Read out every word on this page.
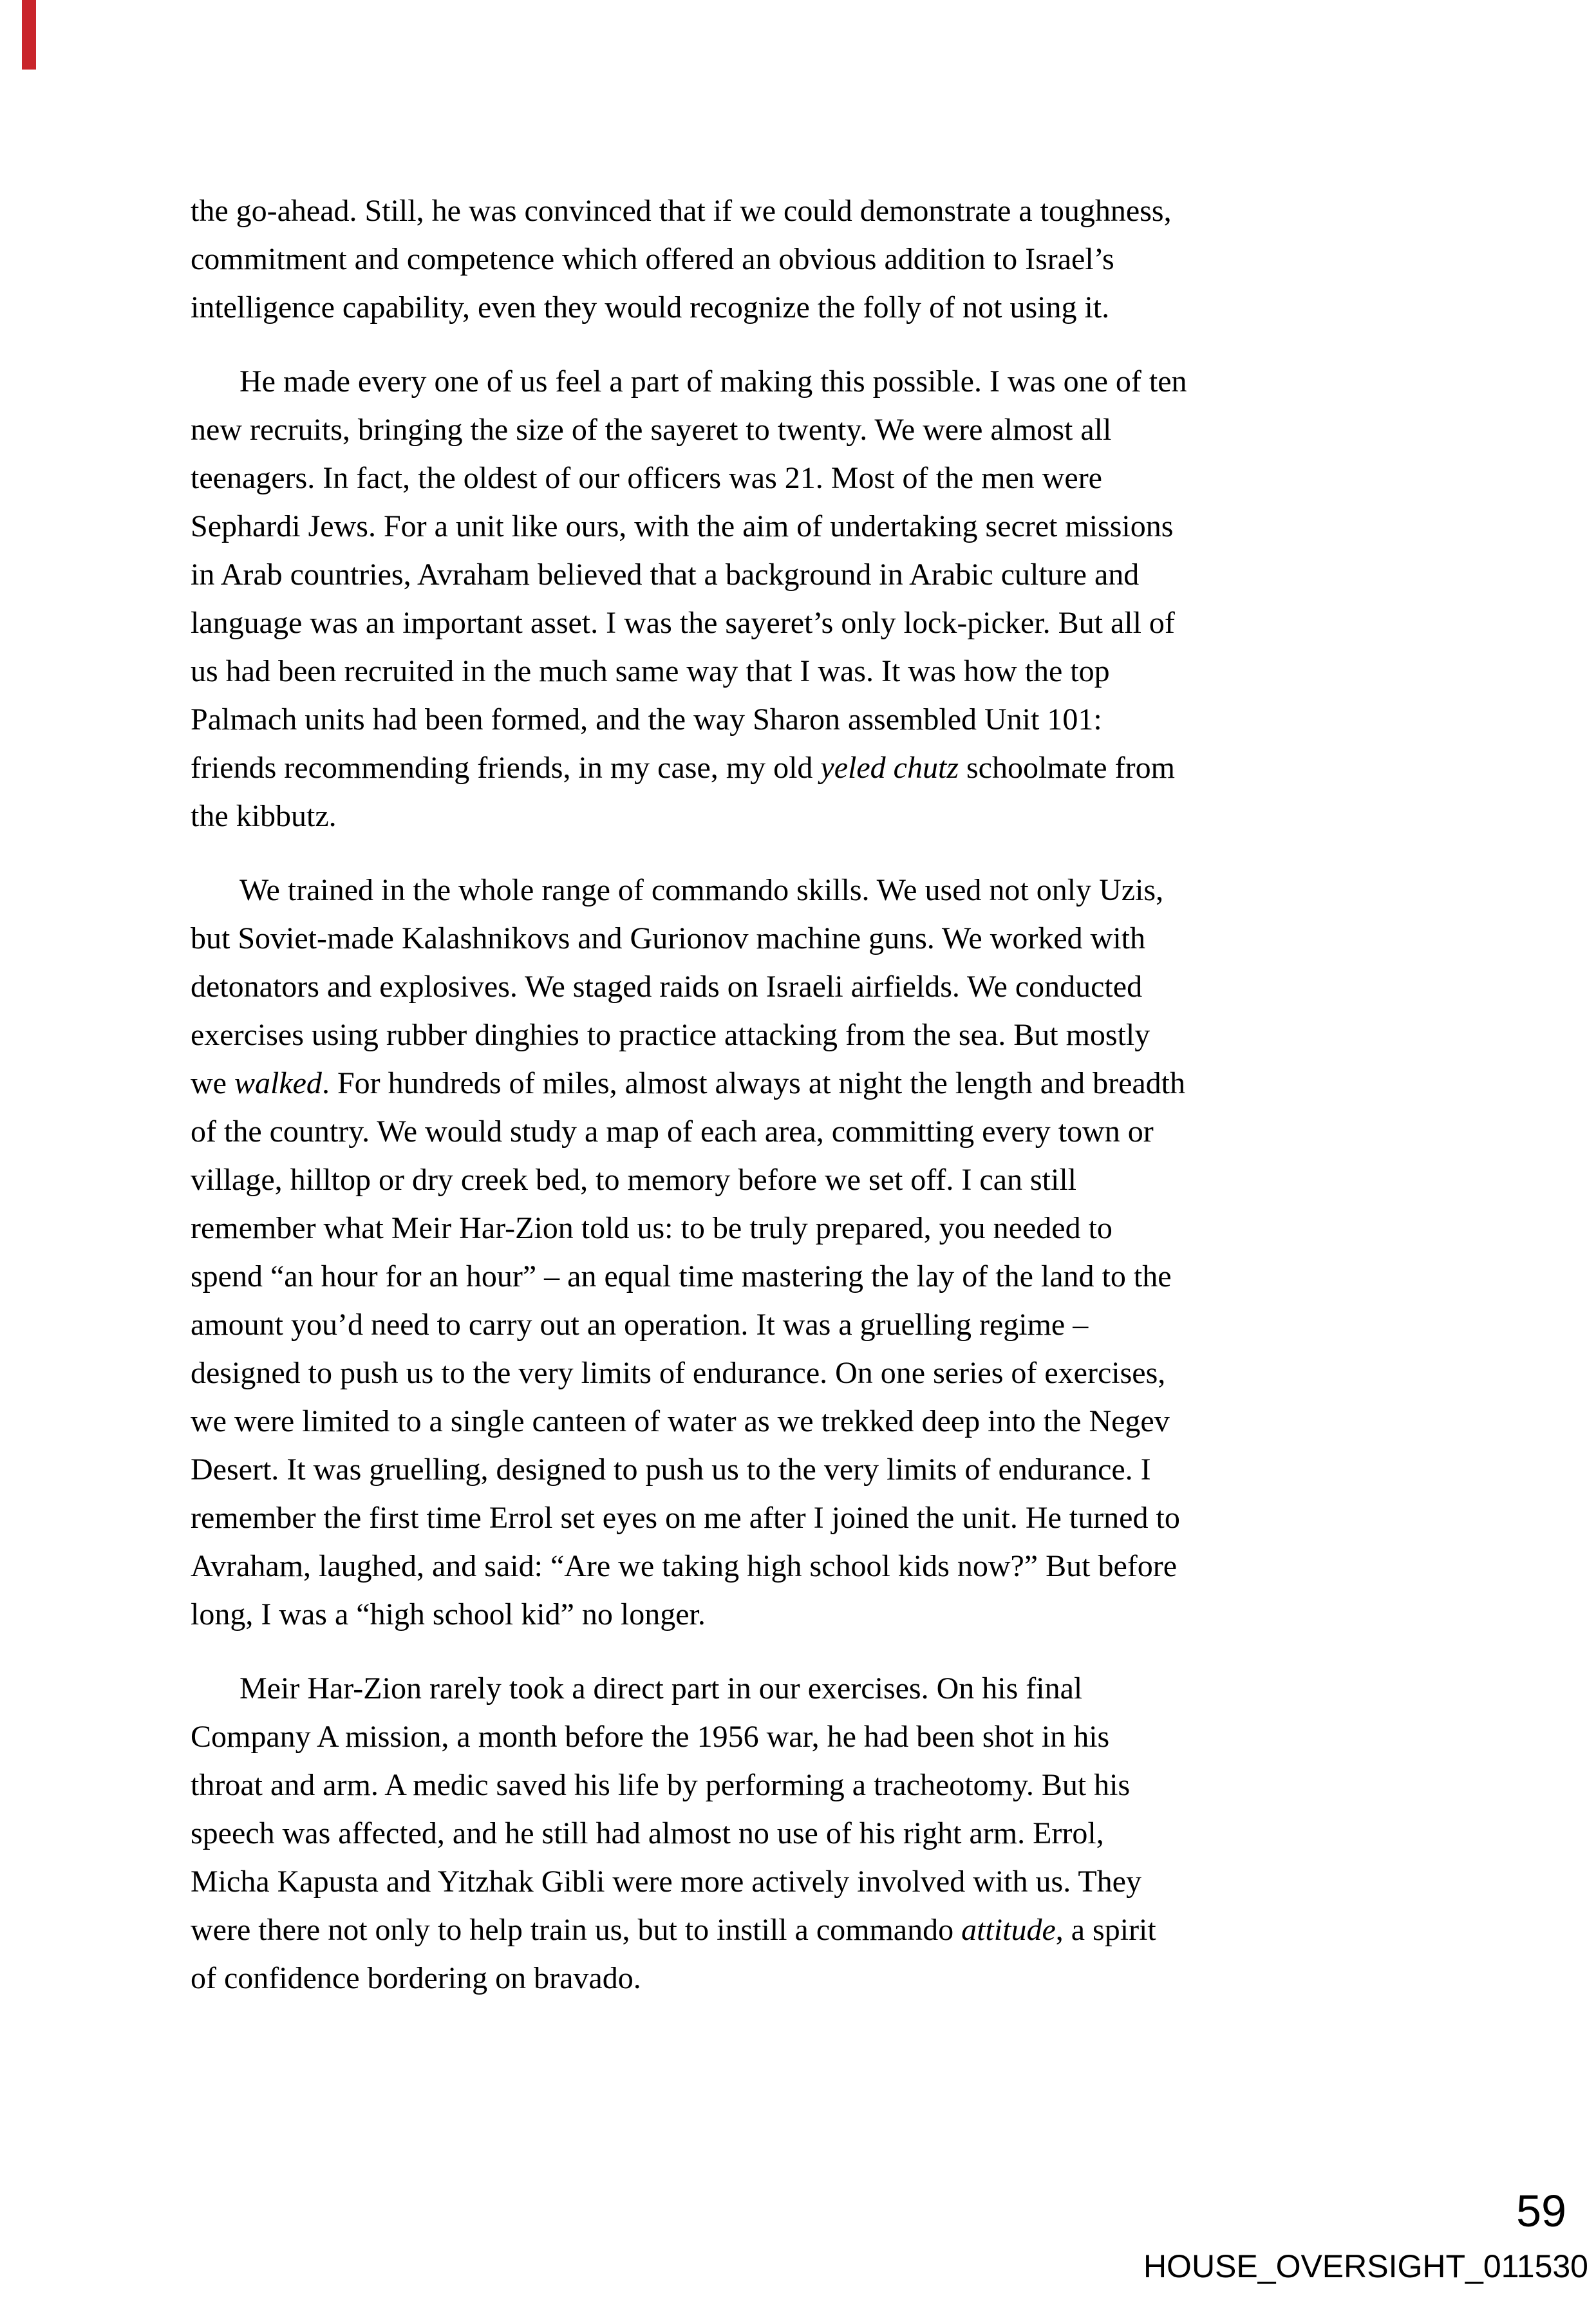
the go-ahead. Still, he was convinced that if we could demonstrate a toughness,
commitment and competence which offered an obvious addition to Israel’s
intelligence capability, even they would recognize the folly of not using it.
He made every one of us feel a part of making this possible. I was one of ten
new recruits, bringing the size of the sayeret to twenty. We were almost all
teenagers. In fact, the oldest of our officers was 21. Most of the men were
Sephardi Jews. For a unit like ours, with the aim of undertaking secret missions
in Arab countries, Avraham believed that a background in Arabic culture and
language was an important asset. I was the sayeret’s only lock-picker. But all of
us had been recruited in the much same way that I was. It was how the top
Palmach units had been formed, and the way Sharon assembled Unit 101:
friends recommending friends, in my case, my old yeled chutz schoolmate from
the kibbutz.
We trained in the whole range of commando skills. We used not only Uzis,
but Soviet-made Kalashnikovs and Gurionov machine guns. We worked with
detonators and explosives. We staged raids on Israeli airfields. We conducted
exercises using rubber dinghies to practice attacking from the sea. But mostly
we walked. For hundreds of miles, almost always at night the length and breadth
of the country. We would study a map of each area, committing every town or
village, hilltop or dry creek bed, to memory before we set off. I can still
remember what Meir Har-Zion told us: to be truly prepared, you needed to
spend “an hour for an hour” – an equal time mastering the lay of the land to the
amount you’d need to carry out an operation. It was a gruelling regime –
designed to push us to the very limits of endurance. On one series of exercises,
we were limited to a single canteen of water as we trekked deep into the Negev
Desert. It was gruelling, designed to push us to the very limits of endurance. I
remember the first time Errol set eyes on me after I joined the unit. He turned to
Avraham, laughed, and said: “Are we taking high school kids now?” But before
long, I was a “high school kid” no longer.
Meir Har-Zion rarely took a direct part in our exercises. On his final
Company A mission, a month before the 1956 war, he had been shot in his
throat and arm. A medic saved his life by performing a tracheotomy. But his
speech was affected, and he still had almost no use of his right arm. Errol,
Micha Kapusta and Yitzhak Gibli were more actively involved with us. They
were there not only to help train us, but to instill a commando attitude, a spirit
of confidence bordering on bravado.
59
HOUSE_OVERSIGHT_011530
